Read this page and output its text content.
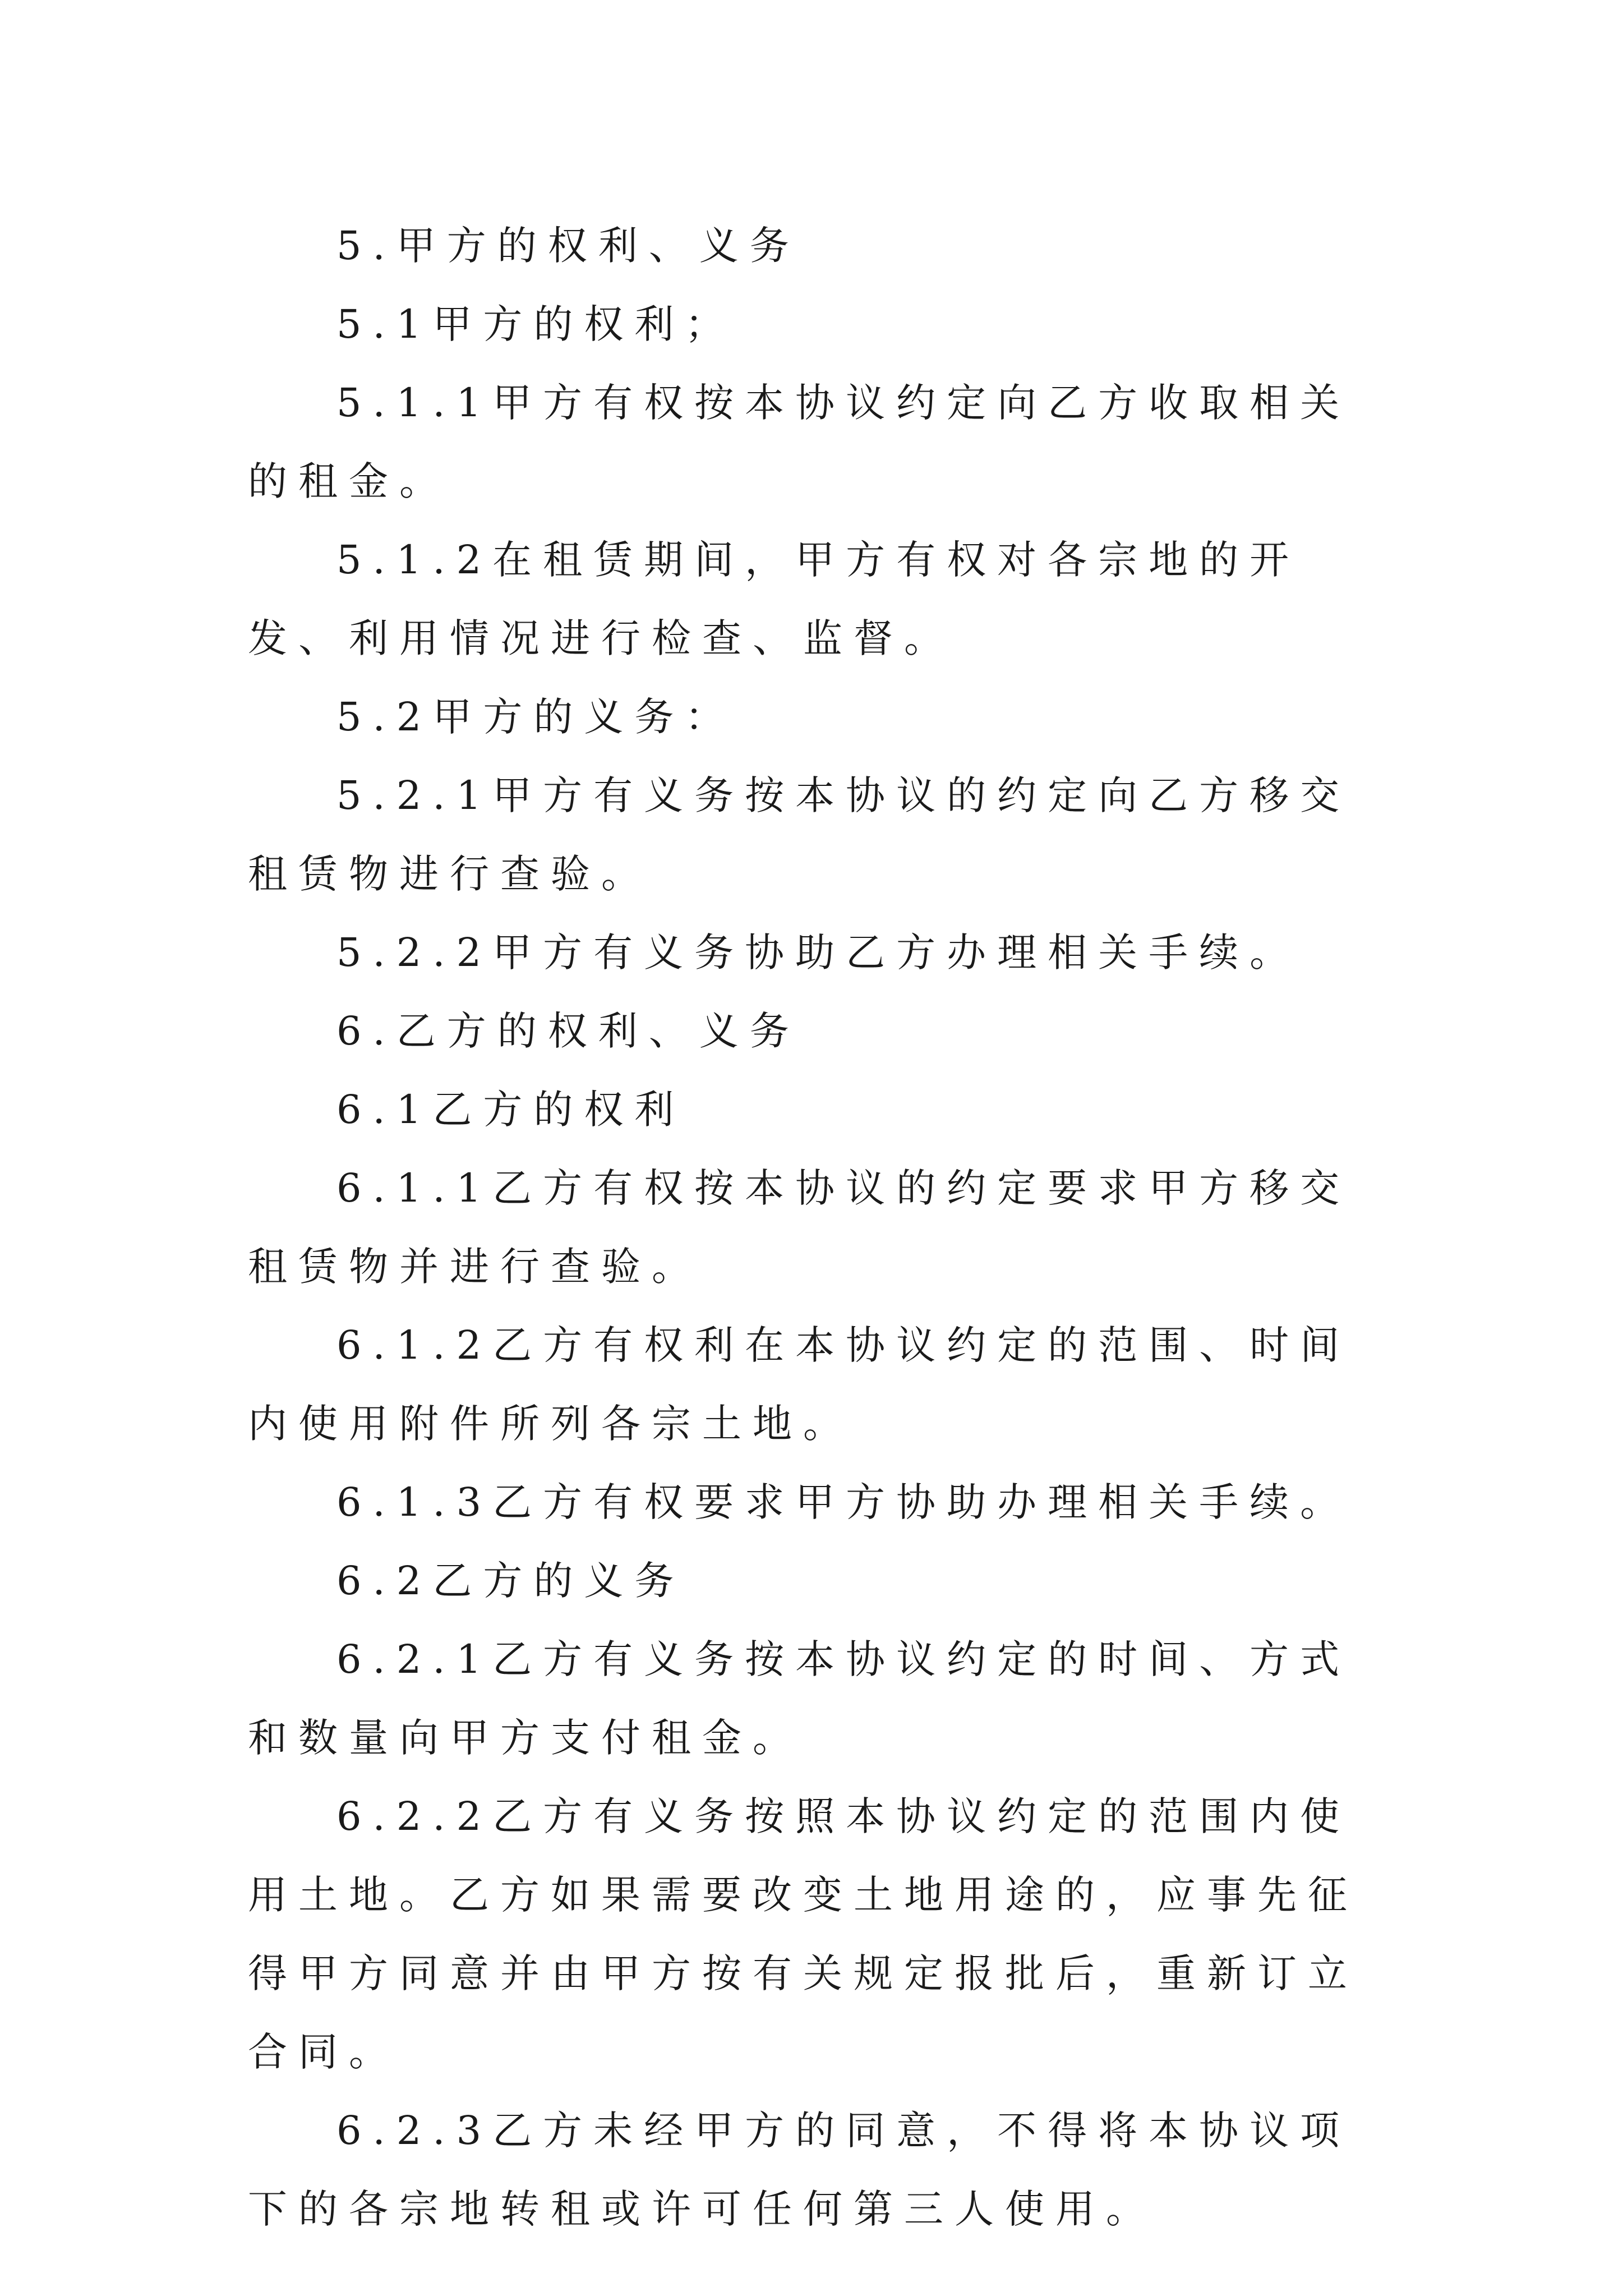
5.甲方的权利、义务

5.1甲方的权利；

5.1.1甲方有权按本协议约定向乙方收取相关的租金。

5.1.2在租赁期间，甲方有权对各宗地的开发、利用情况进行检查、监督。

5.2甲方的义务：

5.2.1甲方有义务按本协议的约定向乙方移交租赁物进行查验。

5.2.2甲方有义务协助乙方办理相关手续。

6.乙方的权利、义务

6.1乙方的权利

6.1.1乙方有权按本协议的约定要求甲方移交租赁物并进行查验。

6.1.2乙方有权利在本协议约定的范围、时间内使用附件所列各宗土地。

6.1.3乙方有权要求甲方协助办理相关手续。

6.2乙方的义务

6.2.1乙方有义务按本协议约定的时间、方式和数量向甲方支付租金。

6.2.2乙方有义务按照本协议约定的范围内使用土地。乙方如果需要改变土地用途的，应事先征得甲方同意并由甲方按有关规定报批后，重新订立合同。

6.2.3乙方未经甲方的同意，不得将本协议项下的各宗地转租或许可任何第三人使用。
